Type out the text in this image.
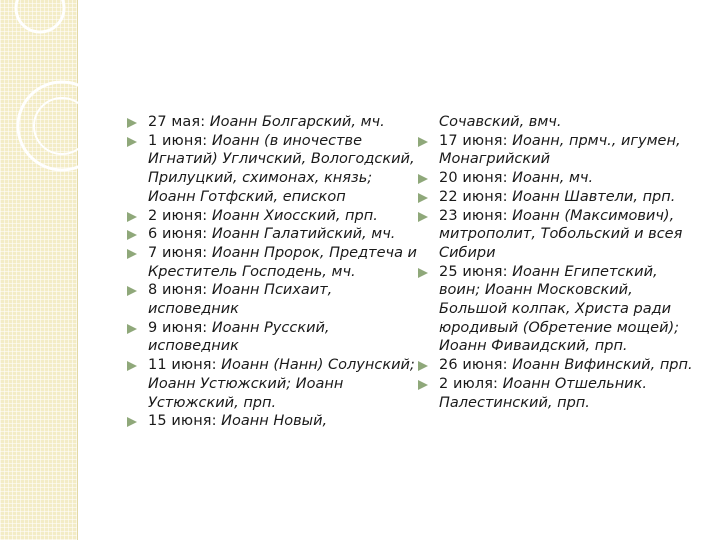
27 мая: Иоанн Болгарский, мч.
1 июня: Иоанн (в иночестве Игнатий) Угличский, Вологодский, Прилуцкий, схимонах, князь; Иоанн Готфский, епископ
2 июня: Иоанн Хиосский, прп.
6 июня: Иоанн Галатийский, мч.
7 июня: Иоанн Пророк, Предтеча и Креститель Господень, мч.
8 июня: Иоанн Психаит, исповедник
9 июня: Иоанн Русский, исповедник
11 июня: Иоанн (Нанн) Солунский; Иоанн Устюжский; Иоанн Устюжский, прп.
15 июня: Иоанн Новый,
Сочавский, вмч.
17 июня: Иоанн, прмч., игумен, Монагрийский
20 июня: Иоанн, мч.
22 июня: Иоанн Шавтели, прп.
23 июня: Иоанн (Максимович), митрополит, Тобольский и всея Сибири
25 июня: Иоанн Египетский, воин; Иоанн Московский, Большой колпак, Христа ради юродивый (Обретение мощей); Иоанн Фиваидский, прп.
26 июня: Иоанн Вифинский, прп.
2 июля: Иоанн Отшельник. Палестинский, прп.
